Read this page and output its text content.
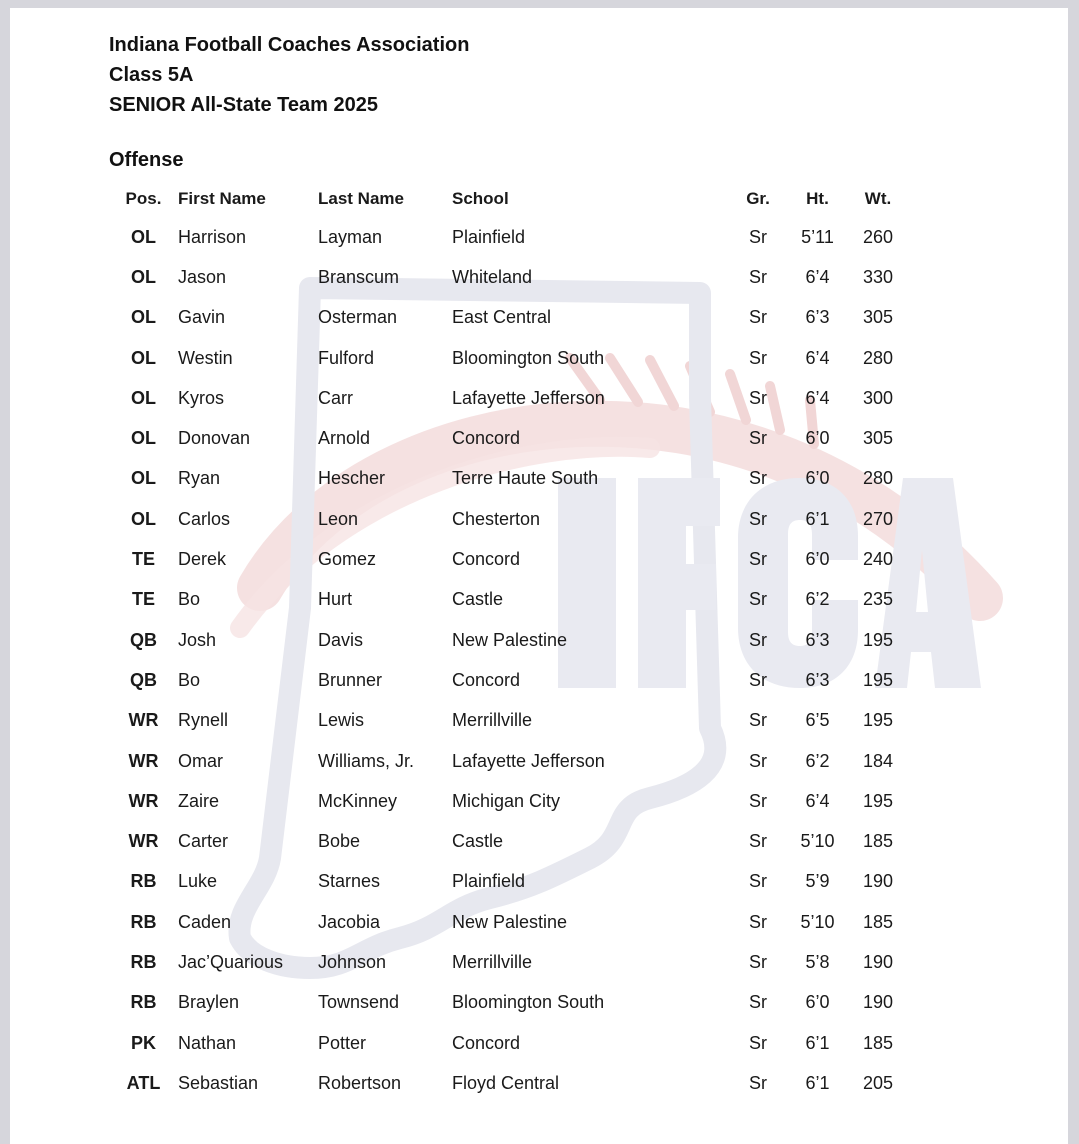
Indiana Football Coaches Association
Class 5A
SENIOR All-State Team 2025
Offense
Pos.	First Name	Last Name	School	Gr.	Ht.	Wt.
OL	Harrison	Layman	Plainfield	Sr	5’11	260
OL	Jason	Branscum	Whiteland	Sr	6’4	330
OL	Gavin	Osterman	East Central	Sr	6’3	305
OL	Westin	Fulford	Bloomington South	Sr	6’4	280
OL	Kyros	Carr	Lafayette Jefferson	Sr	6’4	300
OL	Donovan	Arnold	Concord	Sr	6’0	305
OL	Ryan	Hescher	Terre Haute South	Sr	6’0	280
OL	Carlos	Leon	Chesterton	Sr	6’1	270
TE	Derek	Gomez	Concord	Sr	6’0	240
TE	Bo	Hurt	Castle	Sr	6’2	235
QB	Josh	Davis	New Palestine	Sr	6’3	195
QB	Bo	Brunner	Concord	Sr	6’3	195
WR	Rynell	Lewis	Merrillville	Sr	6’5	195
WR	Omar	Williams, Jr.	Lafayette Jefferson	Sr	6’2	184
WR	Zaire	McKinney	Michigan City	Sr	6’4	195
WR	Carter	Bobe	Castle	Sr	5’10	185
RB	Luke	Starnes	Plainfield	Sr	5’9	190
RB	Caden	Jacobia	New Palestine	Sr	5’10	185
RB	Jac’Quarious	Johnson	Merrillville	Sr	5’8	190
RB	Braylen	Townsend	Bloomington South	Sr	6’0	190
PK	Nathan	Potter	Concord	Sr	6’1	185
ATL	Sebastian	Robertson	Floyd Central	Sr	6’1	205
